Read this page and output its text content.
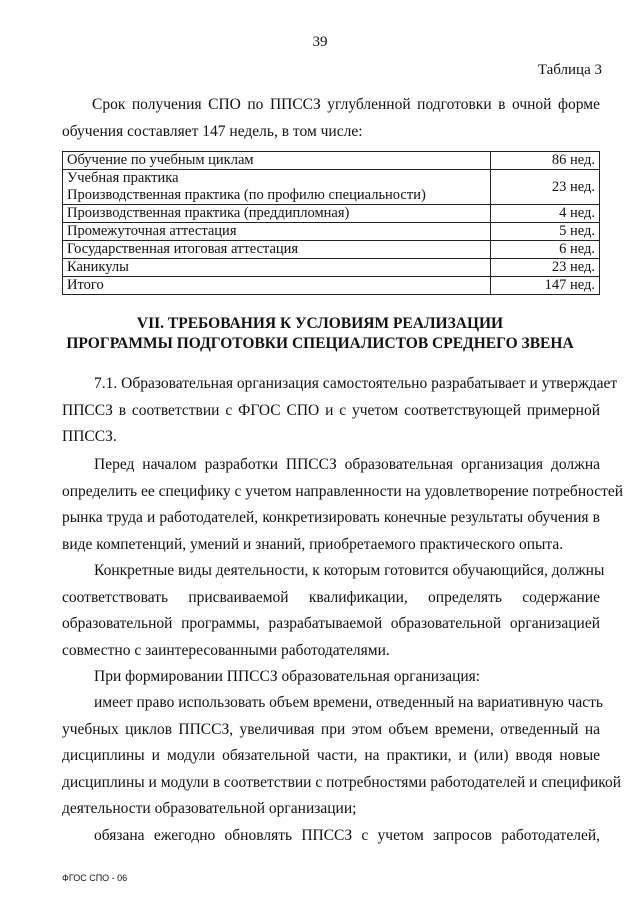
39
Таблица 3
Срок получения СПО по ППССЗ углубленной подготовки в очной форме
обучения составляет 147 недель, в том числе:
Обучение по учебным циклам	86 нед.

Учебная практика
Производственная практика (по профилю специальности)	23 нед.
Производственная практика (преддипломная)	4 нед.
Промежуточная аттестация	5 нед.
Государственная итоговая аттестация	6 нед.
Каникулы	23 нед.
Итого	147 нед.
VII. ТРЕБОВАНИЯ К УСЛОВИЯМ РЕАЛИЗАЦИИ
ПРОГРАММЫ ПОДГОТОВКИ СПЕЦИАЛИСТОВ СРЕДНЕГО ЗВЕНА
7.1. Образовательная организация самостоятельно разрабатывает и утверждает
ППССЗ в соответствии с ФГОС СПО и с учетом соответствующей примерной
ППССЗ.
Перед началом разработки ППССЗ образовательная организация должна
определить ее специфику с учетом направленности на удовлетворение потребностей
рынка труда и работодателей, конкретизировать конечные результаты обучения в
виде компетенций, умений и знаний, приобретаемого практического опыта.
Конкретные виды деятельности, к которым готовится обучающийся, должны
соответствовать присваиваемой квалификации, определять содержание
образовательной программы, разрабатываемой образовательной организацией
совместно с заинтересованными работодателями.
При формировании ППССЗ образовательная организация:
имеет право использовать объем времени, отведенный на вариативную часть
учебных циклов ППССЗ, увеличивая при этом объем времени, отведенный на
дисциплины и модули обязательной части, на практики, и (или) вводя новые
дисциплины и модули в соответствии с потребностями работодателей и спецификой
деятельности образовательной организации;
обязана ежегодно обновлять ППССЗ с учетом запросов работодателей,
ФГОС СПО - 06
